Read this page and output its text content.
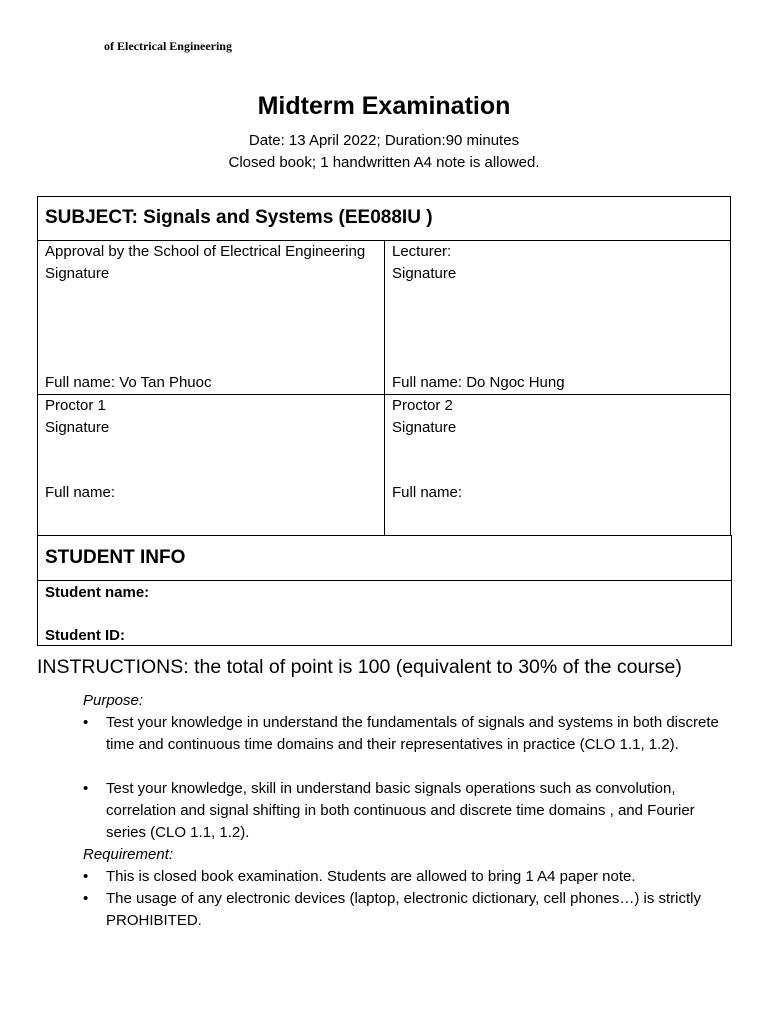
of Electrical Engineering
Midterm Examination
Date: 13 April 2022; Duration:90 minutes
Closed book; 1 handwritten A4 note is allowed.
SUBJECT: Signals and Systems (EE088IU )
Approval by the School of Electrical Engineering
Signature
Full name: Vo Tan Phuoc
Lecturer:
Signature
Full name: Do Ngoc Hung
Proctor 1
Signature
Full name:
Proctor 2
Signature
Full name:
STUDENT INFO
Student name:
Student ID:
INSTRUCTIONS: the total of point is 100 (equivalent to 30% of the course)
Purpose:
• Test your knowledge in understand the fundamentals of signals and systems in both discrete time and continuous time domains and their representatives in practice (CLO 1.1, 1.2).
• Test your knowledge, skill in understand basic signals operations such as convolution, correlation and signal shifting in both continuous and discrete time domains , and Fourier series (CLO 1.1, 1.2).
Requirement:
• This is closed book examination. Students are allowed to bring 1 A4 paper note.
• The usage of any electronic devices (laptop, electronic dictionary, cell phones…) is strictly PROHIBITED.
